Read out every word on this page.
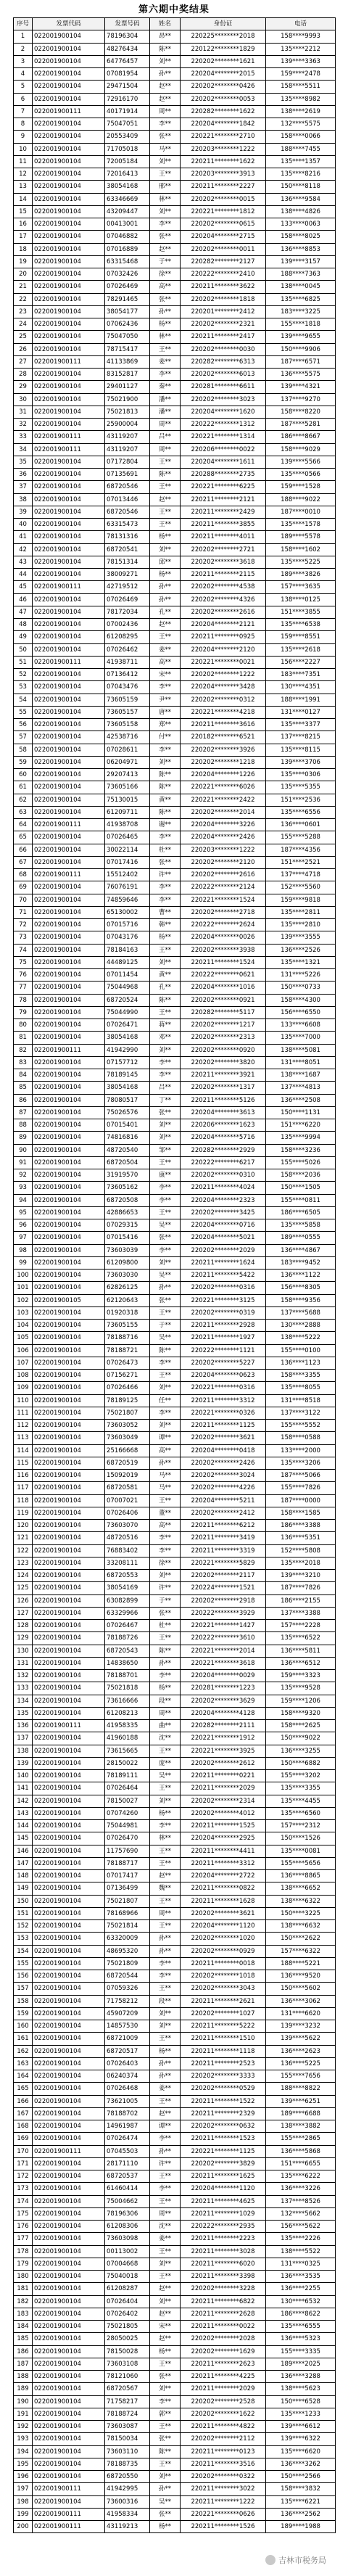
第六期中奖结果
序号	发票代码	发票号码	姓名	身份证	电话
1	022001900104	78196304	昂**	220225********2018	158****9993
2	022001900104	48276434	陈**	220122********1829	135****2212
3	022001900104	64776457	刘**	220202********1621	139****3363
4	022001900104	07081954	孙**	220204********2015	159****2478
5	022001900104	29471504	赵**	220202********0426	158****5511
6	022001900104	72916170	赵**	220202********0053	135****8982
7	022001900111	40171914	周**	220282********1622	138****2619
8	022001900104	75047051	李**	220204********1842	132****5575
9	022001900104	20553409	张**	220221********2710	158****0066
10	022001900104	71705018	马**	220203********1222	188****7455
11	022001900104	72005184	刘**	220211********1622	135****1357
12	022001900104	72016413	王**	220203********3913	135****8216
13	022001900104	38054168	邢**	220211********2227	150****8118
14	022001900104	63346669	林**	220202********0015	136****9584
15	022001900104	43209447	刘**	220221********1812	138****4826
16	022001900104	00413001	李**	220202********0615	133****0063
17	022001900104	07046882	张**	220204********2715	158****8025
18	022001900104	07016889	赵**	220202********0011	136****8853
19	022001900104	63315468	于**	220282********2127	139****3157
20	022001900104	07032426	徐**	220222********2410	188****7363
21	022001900104	07026469	高**	220211********3622	138****0045
22	022001900104	78291465	张**	220202********1818	135****6825
23	022001900104	38054177	孙**	220201********2412	183****3225
24	022001900104	07062436	杨**	220202********2321	155****1818
25	022001900104	75047050	林**	220211********2417	139****9655
26	022001900104	78715417	王**	220202********0030	150****9906
27	022001900111	41133869	姜**	220282********6313	187****6571
28	022001900104	83152817	李**	220202********6013	136****5575
29	022001900104	29401127	秦**	220281********6611	139****4321
30	022001900104	75021900	潘**	220202********3023	137****9270
31	022001900104	75021813	潘**	220204********1620	158****8220
32	022001900104	25900004	周**	220222********1312	187****5281
33	022001900111	43119207	吕**	220221********1314	186****8667
34	022001900111	43119207	周**	220206********0022	158****9029
35	022001900104	07172804	王**	220204********1611	139****5566
36	022001900104	07135691	陈**	220288********2735	135****0566
37	022001900104	68720546	王**	220221********6225	159****1528
38	022001900104	07013446	赵**	220211********2121	188****9022
39	022001900104	68720546	王**	220211********2429	187****0010
40	022001900104	63315473	王**	220211********3855	135****1578
41	022001900104	78131316	杨**	220211********4011	189****5578
42	022001900104	68720541	刘**	220202********2721	158****1602
43	022001900104	78151314	邱**	220202********3618	135****5225
44	022001900104	38009271	杨**	220211********2115	189****3826
45	022001900111	42719512	孙**	220202********4538	157****3635
46	022001900104	07026469	孙**	220202********4326	138****0125
47	022001900104	78172034	孔**	220202********2616	151****3855
48	022001900104	07002436	赵**	220204********2121	135****6538
49	022001900104	61208295	王**	220211********0925	159****8551
50	022001900104	07026462	姜**	220204********2120	135****2618
51	022001900111	41938711	高**	220221********0021	156****2227
52	022001900104	07136412	宋**	220202********1222	183****7351
53	022001900104	07043476	李**	220204********3428	130****4351
54	022001900104	73605159	尹**	220202********0312	188****1991
55	022001900104	73605157	唐**	220221********4218	131****0127
56	022001900104	73605158	郑**	220211********3616	135****3377
57	022001900104	42538716	付**	220182********6521	137****8215
58	022001900104	07028611	李**	220202********3926	135****8115
59	022001900104	06204971	刘**	220202********1218	139****3706
60	022001900104	29207413	陈**	220204********1226	135****0306
61	022001900104	73605166	陈**	220221********6026	135****5355
62	022001900104	75130015	黄**	220221********2422	151****2536
63	022001900104	61209711	陈**	220202********2014	135****6556
64	022001900111	41938708	谢**	220204********3226	136****0601
65	022001900104	07026465	李**	220204********2426	155****5288
66	022001900104	30022114	杜**	220203********1222	187****4356
67	022001900104	07017416	张**	220202********2120	151****2521
68	022001900111	15512402	许**	220202********2616	137****4718
69	022001900104	76076191	李**	220222********2124	152****5560
70	022001900104	74859646	李**	220221********1524	159****9818
71	022001900104	65130002	曹**	220202********2718	135****2811
72	022001900104	07015716	韩**	220222********2624	135****2810
73	022001900104	07043176	杨**	220204********0026	139****3555
74	022001900104	78184163	王**	220202********3938	136****2526
75	022001900104	44489125	刘**	220211********1524	135****1321
76	022001900104	07011454	黄**	220222********0621	131****5226
77	022001900104	75044968	孔**	220204********1016	150****0733
78	022001900104	68720524	陈**	220202********0921	158****4300
79	022001900104	75044990	王**	220282********5117	156****6550
80	022001900104	07026471	蒋**	220202********1217	133****6608
81	022001900104	38054168	邓**	220202********2313	135****7000
82	022001900111	41942990	刘**	220202********0920	138****5081
83	022001900104	07157712	李**	220202********3820	131****8051
84	022001900104	78189145	李**	220211********3921	138****1687
85	022001900104	38054168	吕**	220202********1317	137****4813
86	022001900104	78080517	丁**	220211********5126	136****2508
87	022001900104	75026576	张**	220204********3613	150****1131
88	022001900104	07015401	刘**	220206********1623	151****6220
89	022001900104	74816816	刘**	220204********5716	135****9994
90	022001900104	48720540	邹**	220282********2929	158****3236
91	022001900104	68720504	王**	220222********6217	155****5026
92	022001900104	31919570	康**	220202********0310	158****2036
93	022001900104	73605162	李**	220211********4024	150****1505
94	022001900104	68720508	李**	220204********2323	155****0811
95	022001900104	42886653	王**	220202********3425	186****6505
96	022001900104	07029315	吴**	220204********0716	135****5858
97	022001900104	07015416	张**	220204********5021	189****0555
98	022001900104	73603039	李**	220202********2029	136****4867
99	022001900104	61209800	刘**	220211********1624	183****9452
100	022001900104	73603030	吴**	220211********5422	136****1122
101	022001900104	62826125	孙**	220202********0316	156****8305
102	022001900105	62120643	张**	220221********3125	158****9356
103	022001900104	01920318	王**	220202********0319	137****5688
104	022001900104	73605155	于**	220211********2928	130****2888
105	022001900104	78188716	吴**	220211********1927	138****5222
106	022001900104	78188721	陈**	220222********1121	155****0100
107	022001900104	07026473	李**	220202********5227	136****1123
108	022001900104	07156271	王**	220204********0623	158****3355
109	022001900104	07026466	刘**	220221********0316	135****8055
110	022001900104	78189125	任**	220211********3312	131****8518
111	022001900104	75021807	李**	220221********0326	137****3122
112	022001900104	73603052	刘**	220211********1125	155****5552
113	022001900104	73603049	谭**	220202********3621	158****0588
114	022001900104	25166668	高**	220204********0418	133****2000
115	022001900104	68720519	孙**	220202********2426	135****3206
116	022001900104	15092019	马**	220202********3024	187****5066
117	022001900104	68720581	马**	220202********4226	155****7826
118	022001900104	07007021	王**	220204********5211	187****0000
119	022001900104	07026406	董**	220202********2412	158****1585
120	022001900104	73603070	高**	220211********6212	186****3388
121	022001900104	48720516	李**	220211********3419	136****5351
122	022001900104	76883402	李**	220211********3319	152****5808
123	022001900104	33208111	徐**	220221********5829	135****2018
124	022001900104	68720553	刘**	220202********2117	139****3210
125	022001900104	38054169	许**	220224********1521	187****7826
126	022001900104	63082899	于**	220202********2918	186****2155
127	022001900104	63329966	张**	220222********3929	137****3388
128	022001900104	07026467	杜**	220221********1427	157****2228
129	022001900104	78188726	王**	220222********3610	135****6522
130	022001900104	68720543	陈**	220221********2014	136****5811
131	022001900104	14838650	孙**	220221********3618	136****6512
132	022001900104	78188701	李**	220204********0029	159****3323
133	022001900104	75021818	杨**	220281********1223	135****9528
134	022001900104	73616666	段**	220202********3629	159****1206
135	022001900104	61208213	周**	220204********4128	158****9320
136	022001900111	41958335	曲**	220282********2111	158****2625
137	022001900104	41960188	沈**	220221********1912	150****9022
138	022001900104	73615665	王**	220221********3925	136****3255
139	022001900104	28150022	庞**	220202********2612	150****6882
140	022001900104	78189111	吴**	220211********0221	155****3202
141	022001900104	07026464	王**	220211********2029	135****3355
142	022001900104	78150027	刘**	220202********2314	135****4455
143	022001900104	07074260	杨**	220202********4012	135****6560
144	022001900104	75044981	李**	220211********1525	157****2312
145	022001900104	07026470	林**	220204********2925	150****1526
146	022001900104	11757690	王**	220211********4411	135****0081
147	022001900104	78188717	王**	220211********3312	155****5656
148	022001900104	07017417	赵**	220204********2722	136****8865
149	022001900104	07136499	魏**	220211********0822	138****6652
150	022001900104	75021807	王**	220211********1628	138****6322
151	022001900104	78168966	周**	220202********3621	150****3225
152	022001900104	75021814	王**	220204********1120	138****6632
153	022001900104	63320009	孙**	220202********1020	150****2622
154	022001900104	48695320	孙**	220202********0929	157****6322
155	022001900104	75021809	李**	220211********0018	188****5221
156	022001900104	68720544	李**	220202********1018	136****9520
157	022001900104	07059326	王**	220202********3043	150****5602
158	022001900104	71758212	段**	220211********2621	136****3062
159	022001900104	45907209	刘**	220202********1027	131****6620
160	022001900104	14857530	刘**	220211********5222	139****3232
161	022001900104	68721009	王**	220211********1510	139****5622
162	022001900104	68720517	杨**	220211********1118	136****2623
163	022001900104	07026403	孙**	220211********2523	136****5225
164	022001900104	06240374	孙**	220202********3333	155****7656
165	022001900104	07026468	姜**	220202********0529	188****8822
166	022001900104	73621005	王**	220211********1522	139****6251
167	022001900104	78188702	赵**	220211********2329	189****6688
168	022001900104	14961987	谭**	220202********0632	138****3882
169	022001900104	07026474	李**	220211********1523	155****2865
170	022001900111	07045503	孙**	220221********1125	136****5868
171	022001900104	28171110	许**	220202********3829	151****6655
172	022001900104	68720537	王**	220211********1625	135****6222
173	022001900104	61460414	李**	220204********1120	136****3226
174	022001900104	75004662	王**	220211********4625	137****8526
175	022001900104	78196306	周**	220211********1029	132****5662
176	022001900104	61208306	沈**	220222********2935	156****5622
177	022001900104	73603098	姜**	220211********2223	135****2226
178	022001900104	00113002	王**	220211********3028	138****5522
179	022001900104	07004668	刘**	220211********6020	131****0325
180	022001900104	75040018	王**	220211********3398	136****3535
181	022001900104	61208287	赵**	220202********3228	136****2255
182	022001900104	07026404	刘**	220211********6822	130****6532
183	022001900104	07026402	赵**	220211********2628	186****8622
184	022001900104	75021805	宋**	220211********0022	135****6555
185	022001900104	28050025	赵**	220202********2028	136****5323
186	022001900104	78150028	杨**	220202********1629	155****3335
187	022001900104	73603108	王**	220211********2623	189****2025
188	022001900104	78121060	张**	220211********4225	136****3288
189	022001900104	68720567	刘**	220211********2029	138****5623
190	022001900104	71758217	李**	220202********2528	150****6528
191	022001900104	78188724	郭**	220202********1622	135****1233
192	022001900104	73603087	王**	220211********4822	139****6612
193	022001900104	78150034	张**	220202********2112	139****6322
194	022001900104	73603110	陈**	220211********0123	135****6620
195	022001900104	78188735	王**	220211********3516	136****3262
196	022001900104	68720550	刘**	220202********0322	150****2566
197	022001900111	41942995	孙**	220211********3022	158****3832
198	022001900104	73600316	吴**	220211********1222	135****6221
199	022001900111	41958334	张**	220221********0626	136****2562
200	022001900111	43119213	杨**	220211********1526	189****1988
吉林市税务局
